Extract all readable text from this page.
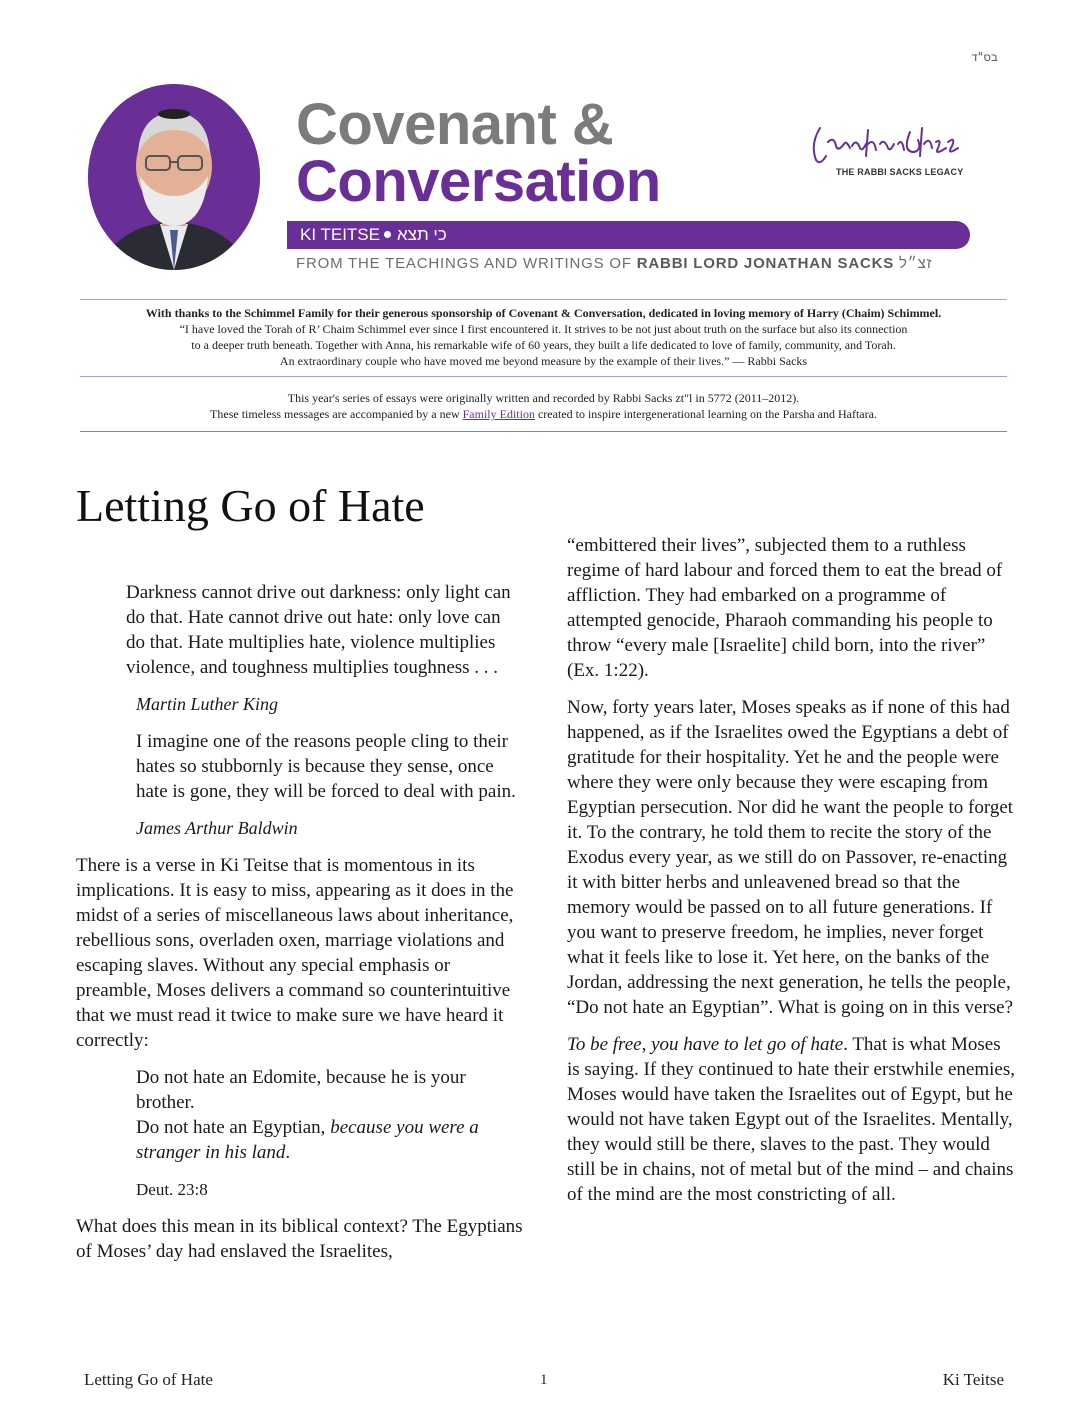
בס"ד
Covenant &
Conversation	THE RABBI SACKS LEGACY
KI TEITSE כי תצא
FROM THE TEACHINGS AND WRITINGS OF RABBI LORD JONATHAN SACKS זצ״ל
With thanks to the Schimmel Family for their generous sponsorship of Covenant & Conversation, dedicated in loving memory of Harry (Chaim) Schimmel.
“I have loved the Torah of R’ Chaim Schimmel ever since I first encountered it. It strives to be not just about truth on the surface but also its connection
to a deeper truth beneath. Together with Anna, his remarkable wife of 60 years, they built a life dedicated to love of family, community, and Torah.
An extraordinary couple who have moved me beyond measure by the example of their lives.” — Rabbi Sacks
This year's series of essays were originally written and recorded by Rabbi Sacks zt"l in 5772 (2011–2012).
These timeless messages are accompanied by a new Family Edition created to inspire intergenerational learning on the Parsha and Haftara.
Letting Go of Hate

Darkness cannot drive out darkness: only light can do that. Hate cannot drive out hate: only love can do that. Hate multiplies hate, violence multiplies violence, and toughness multiplies toughness . . .

Martin Luther King

I imagine one of the reasons people cling to their hates so stubbornly is because they sense, once hate is gone, they will be forced to deal with pain.

James Arthur Baldwin

There is a verse in Ki Teitse that is momentous in its implications. It is easy to miss, appearing as it does in the midst of a series of miscellaneous laws about inheritance, rebellious sons, overladen oxen, marriage violations and escaping slaves. Without any special emphasis or preamble, Moses delivers a command so counterintuitive that we must read it twice to make sure we have heard it correctly:

Do not hate an Edomite, because he is your brother.
Do not hate an Egyptian, because you were a stranger in his land.

Deut. 23:8

What does this mean in its biblical context? The Egyptians of Moses’ day had enslaved the Israelites,

“embittered their lives”, subjected them to a ruthless regime of hard labour and forced them to eat the bread of affliction. They had embarked on a programme of attempted genocide, Pharaoh commanding his people to throw “every male [Israelite] child born, into the river” (Ex. 1:22).

Now, forty years later, Moses speaks as if none of this had happened, as if the Israelites owed the Egyptians a debt of gratitude for their hospitality. Yet he and the people were where they were only because they were escaping from Egyptian persecution. Nor did he want the people to forget it. To the contrary, he told them to recite the story of the Exodus every year, as we still do on Passover, re-enacting it with bitter herbs and unleavened bread so that the memory would be passed on to all future generations. If you want to preserve freedom, he implies, never forget what it feels like to lose it. Yet here, on the banks of the Jordan, addressing the next generation, he tells the people, “Do not hate an Egyptian”. What is going on in this verse?

To be free, you have to let go of hate. That is what Moses is saying. If they continued to hate their erstwhile enemies, Moses would have taken the Israelites out of Egypt, but he would not have taken Egypt out of the Israelites. Mentally, they would still be there, slaves to the past. They would still be in chains, not of metal but of the mind – and chains of the mind are the most constricting of all.

Letting Go of Hate	1	Ki Teitse
